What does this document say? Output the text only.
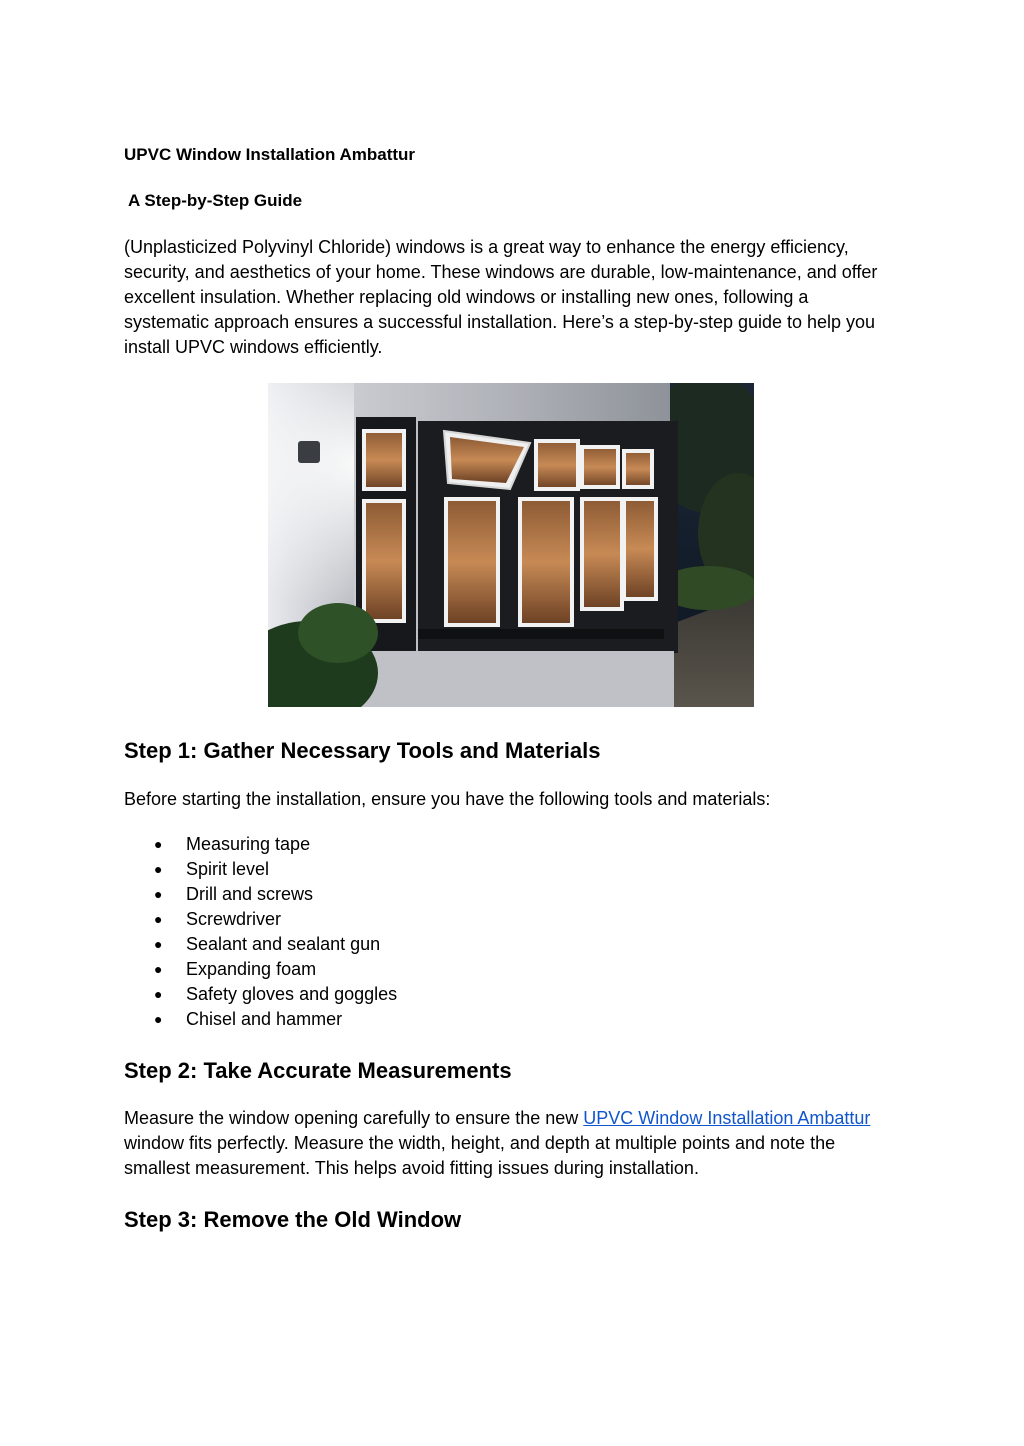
UPVC Window Installation Ambattur
A Step-by-Step Guide

(Unplasticized Polyvinyl Chloride) windows is a great way to enhance the energy efficiency, security, and aesthetics of your home. These windows are durable, low-maintenance, and offer excellent insulation. Whether replacing old windows or installing new ones, following a systematic approach ensures a successful installation. Here’s a step-by-step guide to help you install UPVC windows efficiently.

Step 1: Gather Necessary Tools and Materials

Before starting the installation, ensure you have the following tools and materials:

● Measuring tape
● Spirit level
● Drill and screws
● Screwdriver
● Sealant and sealant gun
● Expanding foam
● Safety gloves and goggles
● Chisel and hammer
Step 2: Take Accurate Measurements

Measure the window opening carefully to ensure the new UPVC Window Installation Ambattur window fits perfectly. Measure the width, height, and depth at multiple points and note the smallest measurement. This helps avoid fitting issues during installation.

Step 3: Remove the Old Window
